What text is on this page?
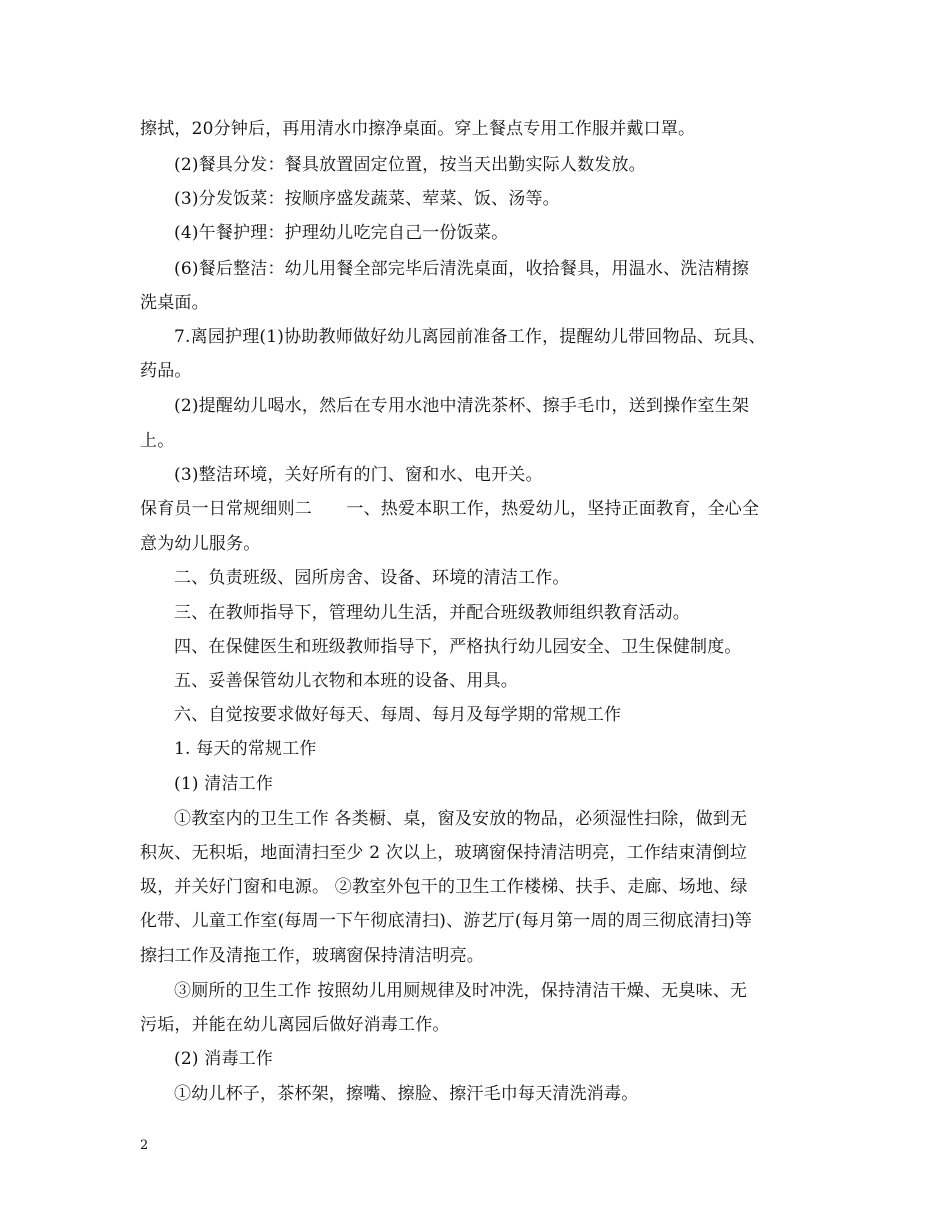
擦拭，20分钟后，再用清水巾擦净桌面。穿上餐点专用工作服并戴口罩。
(2)餐具分发：餐具放置固定位置，按当天出勤实际人数发放。
(3)分发饭菜：按顺序盛发蔬菜、荤菜、饭、汤等。
(4)午餐护理：护理幼儿吃完自己一份饭菜。
(6)餐后整洁：幼儿用餐全部完毕后清洗桌面，收拾餐具，用温水、洗洁精擦
洗桌面。
7.离园护理(1)协助教师做好幼儿离园前准备工作，提醒幼儿带回物品、玩具、
药品。
(2)提醒幼儿喝水，然后在专用水池中清洗茶杯、擦手毛巾，送到操作室生架
上。
(3)整洁环境，关好所有的门、窗和水、电开关。
保育员一日常规细则二　　一、热爱本职工作，热爱幼儿，坚持正面教育，全心全
意为幼儿服务。
二、负责班级、园所房舍、设备、环境的清洁工作。
三、在教师指导下，管理幼儿生活，并配合班级教师组织教育活动。
四、在保健医生和班级教师指导下，严格执行幼儿园安全、卫生保健制度。
五、妥善保管幼儿衣物和本班的设备、用具。
六、自觉按要求做好每天、每周、每月及每学期的常规工作
1. 每天的常规工作
(1) 清洁工作
①教室内的卫生工作 各类橱、桌，窗及安放的物品，必须湿性扫除，做到无
积灰、无积垢，地面清扫至少 2 次以上，玻璃窗保持清洁明亮，工作结束清倒垃
圾，并关好门窗和电源。 ②教室外包干的卫生工作楼梯、扶手、走廊、场地、绿
化带、儿童工作室(每周一下午彻底清扫)、游艺厅(每月第一周的周三彻底清扫)等
擦扫工作及清拖工作，玻璃窗保持清洁明亮。
③厕所的卫生工作 按照幼儿用厕规律及时冲洗，保持清洁干燥、无臭味、无
污垢，并能在幼儿离园后做好消毒工作。
(2) 消毒工作
①幼儿杯子，茶杯架，擦嘴、擦脸、擦汗毛巾每天清洗消毒。
2
